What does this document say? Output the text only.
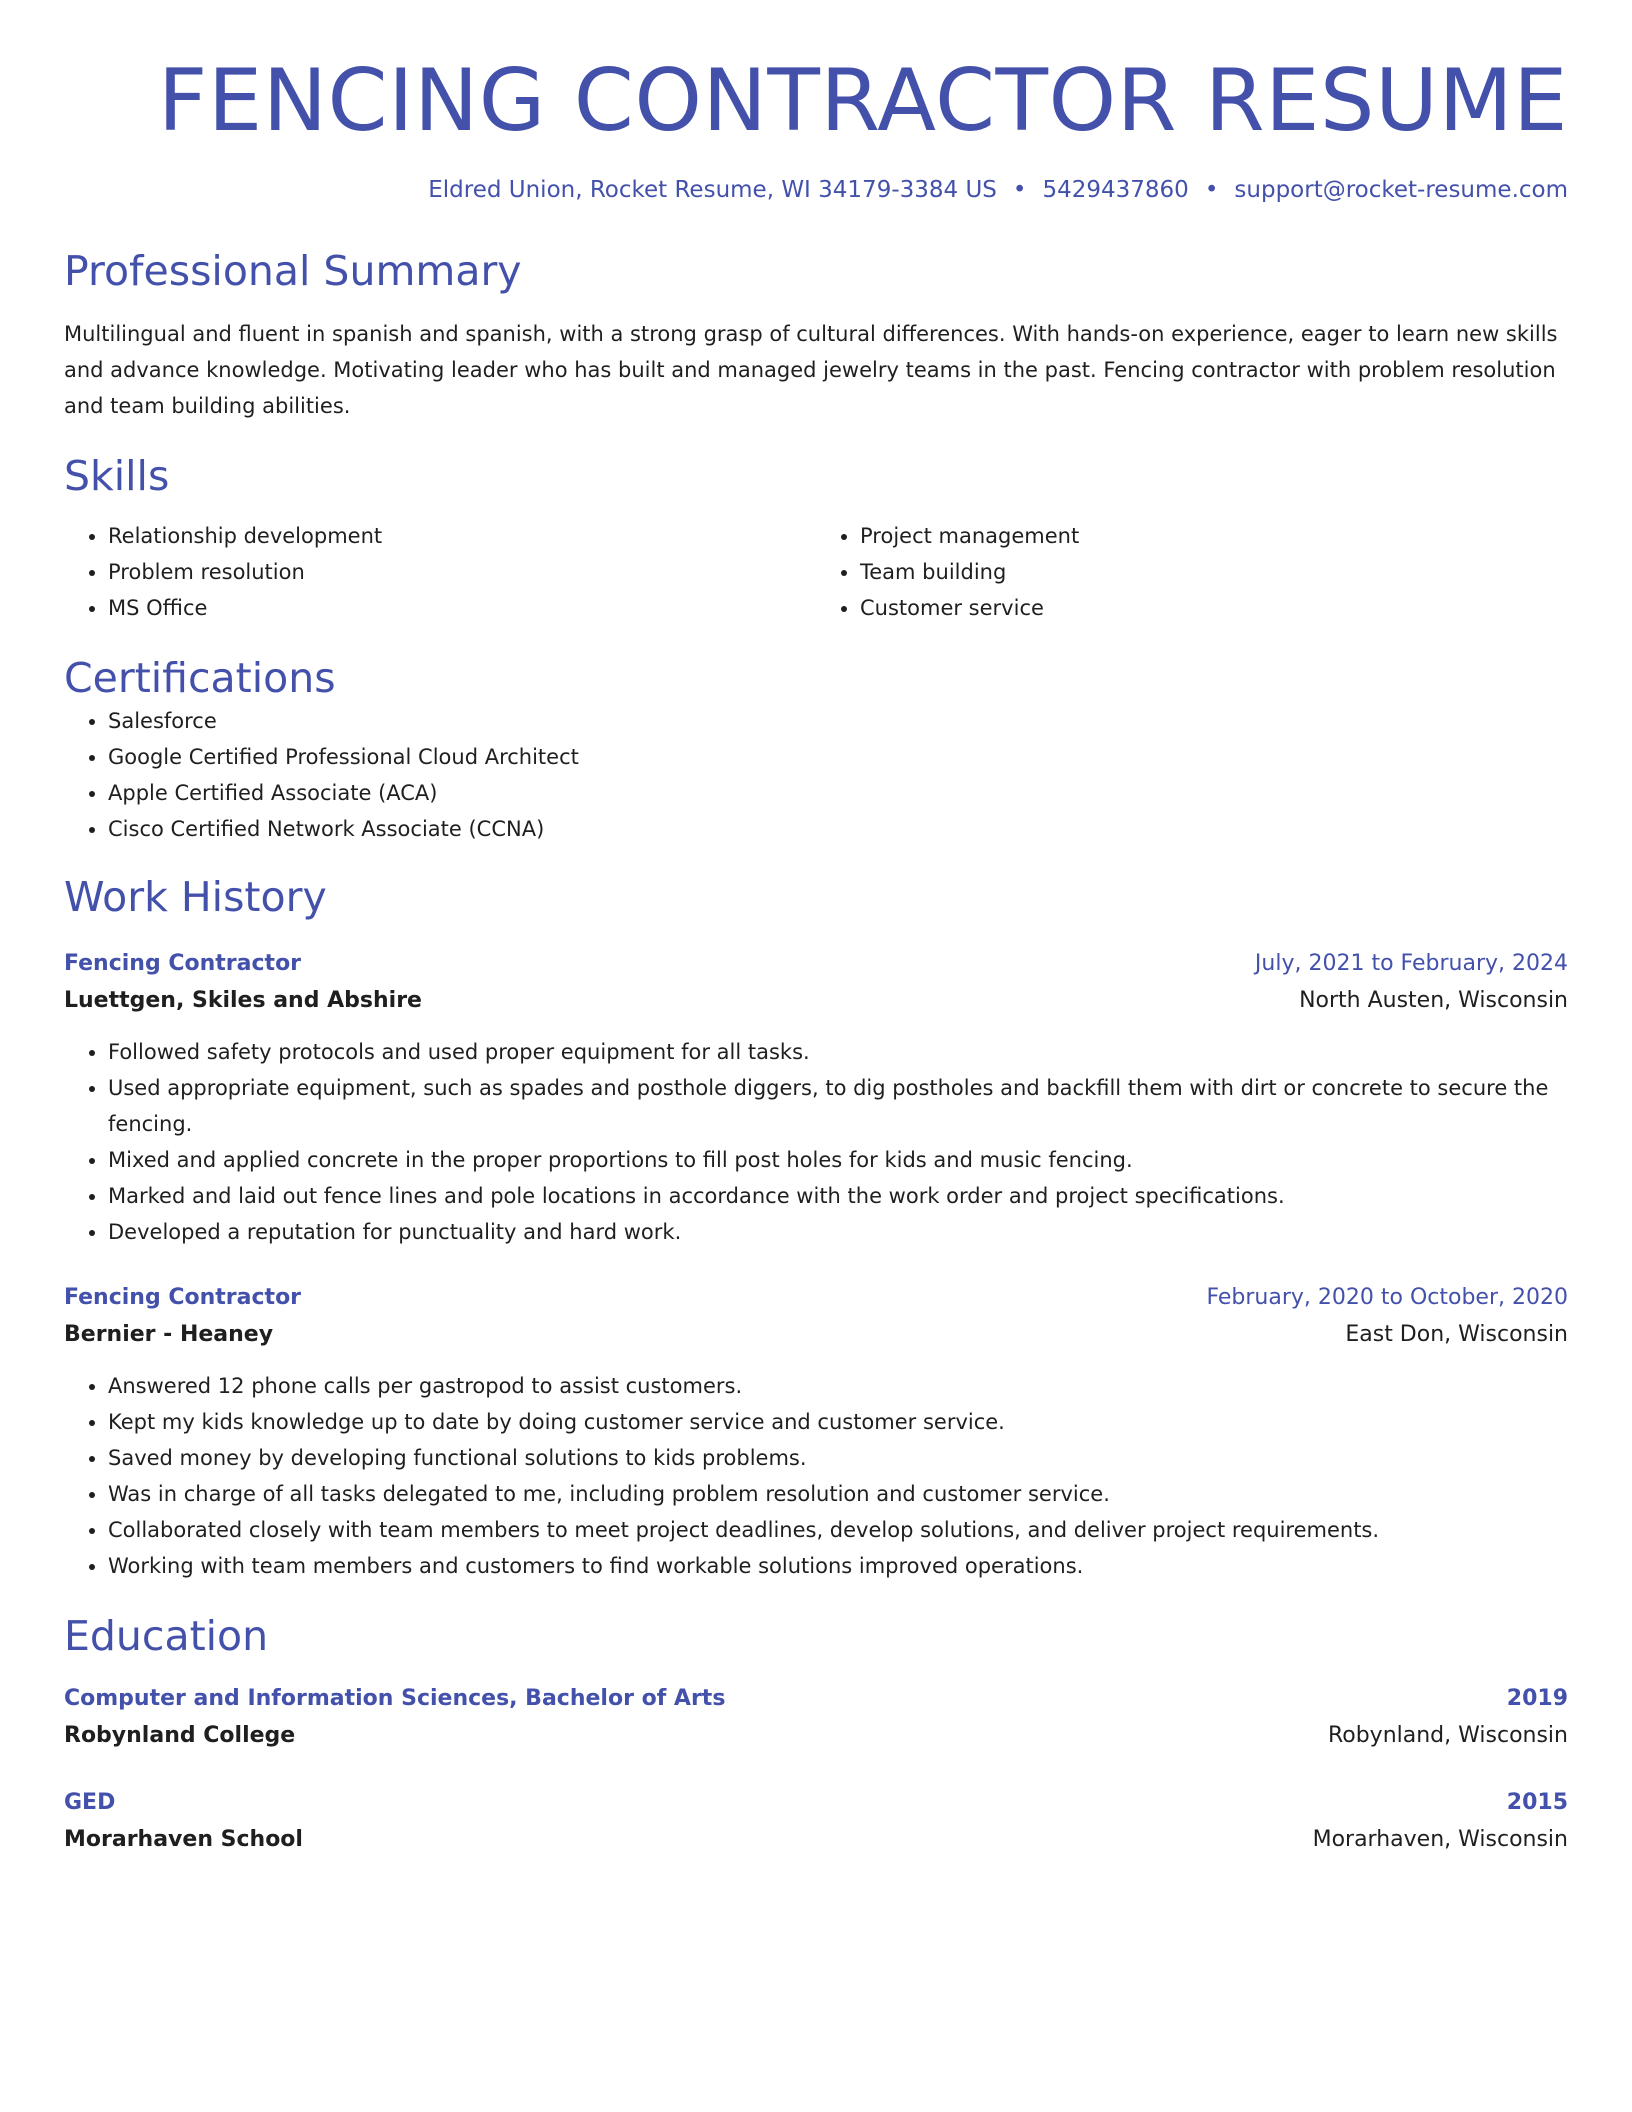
FENCING CONTRACTOR RESUME
Eldred Union, Rocket Resume, WI 34179-3384 US • 5429437860 • support@rocket-resume.com
Professional Summary

Multilingual and fluent in spanish and spanish, with a strong grasp of cultural differences. With hands-on experience, eager to learn new skills and advance knowledge. Motivating leader who has built and managed jewelry teams in the past. Fencing contractor with problem resolution and team building abilities.

Skills
• Relationship development
• Problem resolution
• MS Office
• Project management
• Team building
• Customer service
Certifications
• Salesforce
• Google Certified Professional Cloud Architect
• Apple Certified Associate (ACA)
• Cisco Certified Network Associate (CCNA)
Work History
Fencing Contractor	July, 2021 to February, 2024
Luettgen, Skiles and Abshire	North Austen, Wisconsin
• Followed safety protocols and used proper equipment for all tasks.
• Used appropriate equipment, such as spades and posthole diggers, to dig postholes and backfill them with dirt or concrete to secure the fencing.
• Mixed and applied concrete in the proper proportions to fill post holes for kids and music fencing.
• Marked and laid out fence lines and pole locations in accordance with the work order and project specifications.
• Developed a reputation for punctuality and hard work.
Fencing Contractor	February, 2020 to October, 2020
Bernier - Heaney	East Don, Wisconsin
• Answered 12 phone calls per gastropod to assist customers.
• Kept my kids knowledge up to date by doing customer service and customer service.
• Saved money by developing functional solutions to kids problems.
• Was in charge of all tasks delegated to me, including problem resolution and customer service.
• Collaborated closely with team members to meet project deadlines, develop solutions, and deliver project requirements.
• Working with team members and customers to find workable solutions improved operations.
Education
Computer and Information Sciences, Bachelor of Arts	2019
Robynland College	Robynland, Wisconsin
GED	2015
Morarhaven School	Morarhaven, Wisconsin
